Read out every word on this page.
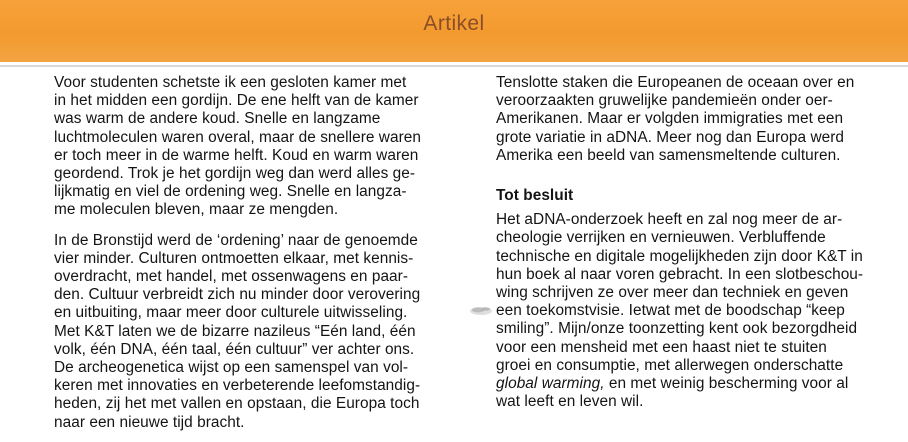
Artikel

Voor studenten schetste ik een gesloten kamer met
in het midden een gordijn. De ene helft van de kamer
was warm de andere koud. Snelle en langzame
luchtmoleculen waren overal, maar de snellere waren
er toch meer in de warme helft. Koud en warm waren
geordend. Trok je het gordijn weg dan werd alles ge-
lijkmatig en viel de ordening weg. Snelle en langza-
me moleculen bleven, maar ze mengden.

In de Bronstijd werd de ‘ordening’ naar de genoemde
vier minder. Culturen ontmoetten elkaar, met kennis-
overdracht, met handel, met ossenwagens en paar-
den. Cultuur verbreidt zich nu minder door verovering
en uitbuiting, maar meer door culturele uitwisseling.
Met K&T laten we de bizarre nazileus “Eén land, één
volk, één DNA, één taal, één cultuur” ver achter ons.
De archeogenetica wijst op een samenspel van vol-
keren met innovaties en verbeterende leefomstandig-
heden, zij het met vallen en opstaan, die Europa toch
naar een nieuwe tijd bracht.

Tenslotte staken die Europeanen de oceaan over en
veroorzaakten gruwelijke pandemieën onder oer-
Amerikanen. Maar er volgden immigraties met een
grote variatie in aDNA. Meer nog dan Europa werd
Amerika een beeld van samensmeltende culturen.

Tot besluit

Het aDNA-onderzoek heeft en zal nog meer de ar-
cheologie verrijken en vernieuwen. Verbluffende
technische en digitale mogelijkheden zijn door K&T in
hun boek al naar voren gebracht. In een slotbeschou-
wing schrijven ze over meer dan techniek en geven
een toekomstvisie. Ietwat met de boodschap “keep
smiling”. Mijn/onze toonzetting kent ook bezorgdheid
voor een mensheid met een haast niet te stuiten
groei en consumptie, met allerwegen onderschatte
global warming, en met weinig bescherming voor al
wat leeft en leven wil.
